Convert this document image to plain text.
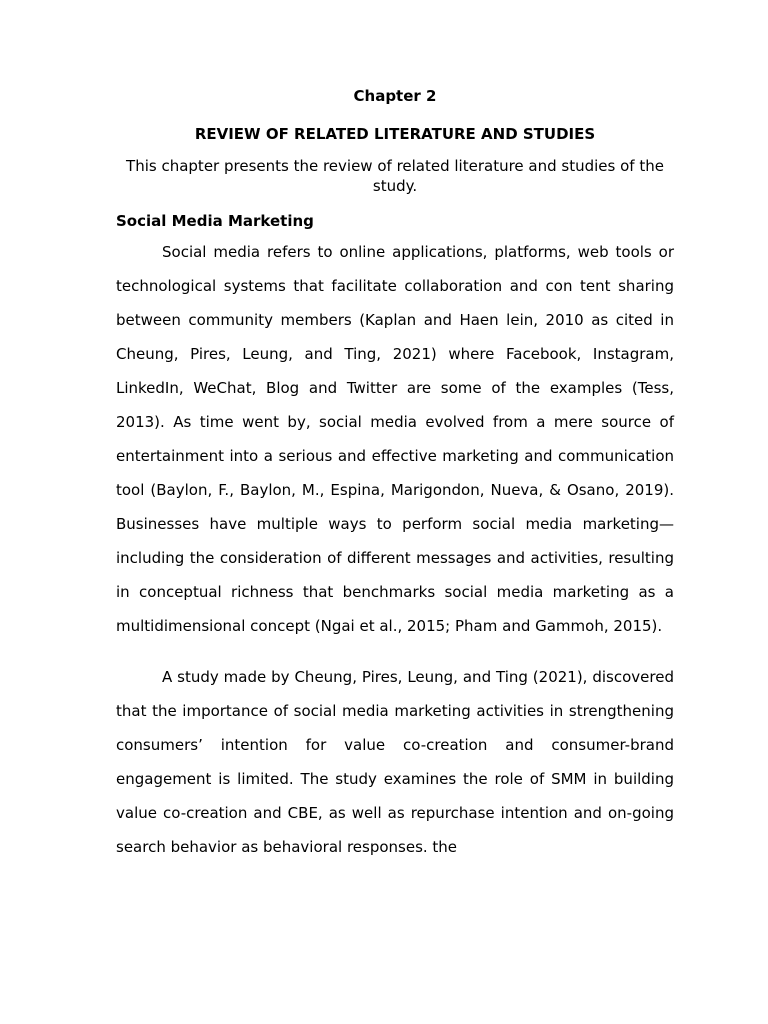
Chapter 2
REVIEW OF RELATED LITERATURE AND STUDIES
This chapter presents the review of related literature and studies of the study.
Social Media Marketing

Social media refers to online applications, platforms, web tools or technological systems that facilitate collaboration and con tent sharing between community members (Kaplan and Haen lein, 2010 as cited in Cheung, Pires, Leung, and Ting, 2021) where Facebook, Instagram, LinkedIn, WeChat, Blog and Twitter are some of the examples (Tess, 2013). As time went by, social media evolved from a mere source of entertainment into a serious and effective marketing and communication tool (Baylon, F., Baylon, M., Espina, Marigondon, Nueva, & Osano, 2019). Businesses have multiple ways to perform social media marketing—including the consideration of different messages and activities, resulting in conceptual richness that benchmarks social media marketing as a multidimensional concept (Ngai et al., 2015; Pham and Gammoh, 2015).

A study made by Cheung, Pires, Leung, and Ting (2021), discovered that the importance of social media marketing activities in strengthening consumers’ intention for value co-creation and consumer-brand engagement is limited. The study examines the role of SMM in building value co-creation and CBE, as well as repurchase intention and on-going search behavior as behavioral responses. the
